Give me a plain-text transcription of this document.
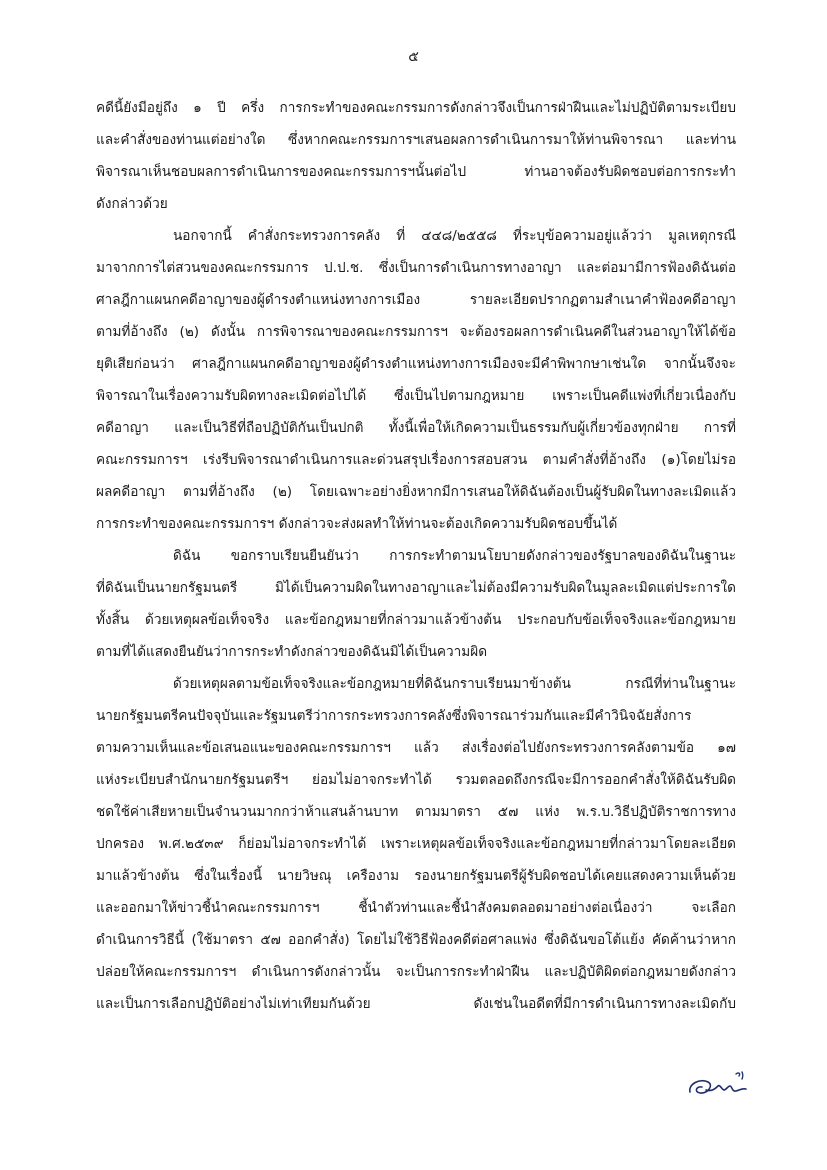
๕
คดีนี้ยังมีอยู่ถึง ๑ ปี ครึ่ง การกระทำของคณะกรรมการดังกล่าวจึงเป็นการฝ่าฝืนและไม่ปฏิบัติตามระเบียบ
และคำสั่งของท่านแต่อย่างใด ซึ่งหากคณะกรรมการฯเสนอผลการดำเนินการมาให้ท่านพิจารณา และท่าน
พิจารณาเห็นชอบผลการดำเนินการของคณะกรรมการฯนั้นต่อไป ท่านอาจต้องรับผิดชอบต่อการกระทำ
ดังกล่าวด้วย
นอกจากนี้ คำสั่งกระทรวงการคลัง ที่ ๔๔๘/๒๕๕๘ ที่ระบุข้อความอยู่แล้วว่า มูลเหตุกรณี
มาจากการไต่สวนของคณะกรรมการ ป.ป.ช. ซึ่งเป็นการดำเนินการทางอาญา และต่อมามีการฟ้องดิฉันต่อ
ศาลฎีกาแผนกคดีอาญาของผู้ดำรงตำแหน่งทางการเมือง รายละเอียดปรากฏตามสำเนาคำฟ้องคดีอาญา
ตามที่อ้างถึง (๒) ดังนั้น การพิจารณาของคณะกรรมการฯ จะต้องรอผลการดำเนินคดีในส่วนอาญาให้ได้ข้อ
ยุติเสียก่อนว่า ศาลฎีกาแผนกคดีอาญาของผู้ดำรงตำแหน่งทางการเมืองจะมีคำพิพากษาเช่นใด จากนั้นจึงจะ
พิจารณาในเรื่องความรับผิดทางละเมิดต่อไปได้ ซึ่งเป็นไปตามกฎหมาย เพราะเป็นคดีแพ่งที่เกี่ยวเนื่องกับ
คดีอาญา และเป็นวิธีที่ถือปฏิบัติกันเป็นปกติ ทั้งนี้เพื่อให้เกิดความเป็นธรรมกับผู้เกี่ยวข้องทุกฝ่าย การที่
คณะกรรมการฯ เร่งรีบพิจารณาดำเนินการและด่วนสรุปเรื่องการสอบสวน ตามคำสั่งที่อ้างถึง (๑)โดยไม่รอ
ผลคดีอาญา ตามที่อ้างถึง (๒) โดยเฉพาะอย่างยิ่งหากมีการเสนอให้ดิฉันต้องเป็นผู้รับผิดในทางละเมิดแล้ว
การกระทำของคณะกรรมการฯ ดังกล่าวจะส่งผลทำให้ท่านจะต้องเกิดความรับผิดชอบขึ้นได้
ดิฉัน ขอกราบเรียนยืนยันว่า การกระทำตามนโยบายดังกล่าวของรัฐบาลของดิฉันในฐานะ
ที่ดิฉันเป็นนายกรัฐมนตรี มิได้เป็นความผิดในทางอาญาและไม่ต้องมีความรับผิดในมูลละเมิดแต่ประการใด
ทั้งสิ้น ด้วยเหตุผลข้อเท็จจริง และข้อกฎหมายที่กล่าวมาแล้วข้างต้น ประกอบกับข้อเท็จจริงและข้อกฎหมาย
ตามที่ได้แสดงยืนยันว่าการกระทำดังกล่าวของดิฉันมิได้เป็นความผิด
ด้วยเหตุผลตามข้อเท็จจริงและข้อกฎหมายที่ดิฉันกราบเรียนมาข้างต้น กรณีที่ท่านในฐานะ
นายกรัฐมนตรีคนปัจจุบันและรัฐมนตรีว่าการกระทรวงการคลังซึ่งพิจารณาร่วมกันและมีคำวินิจฉัยสั่งการ
ตามความเห็นและข้อเสนอแนะของคณะกรรมการฯ แล้ว ส่งเรื่องต่อไปยังกระทรวงการคลังตามข้อ ๑๗
แห่งระเบียบสำนักนายกรัฐมนตรีฯ ย่อมไม่อาจกระทำได้ รวมตลอดถึงกรณีจะมีการออกคำสั่งให้ดิฉันรับผิด
ชดใช้ค่าเสียหายเป็นจำนวนมากกว่าห้าแสนล้านบาท ตามมาตรา ๕๗ แห่ง พ.ร.บ.วิธีปฏิบัติราชการทาง
ปกครอง พ.ศ.๒๕๓๙ ก็ย่อมไม่อาจกระทำได้ เพราะเหตุผลข้อเท็จจริงและข้อกฎหมายที่กล่าวมาโดยละเอียด
มาแล้วข้างต้น ซึ่งในเรื่องนี้ นายวิษณุ เครืองาม รองนายกรัฐมนตรีผู้รับผิดชอบได้เคยแสดงความเห็นด้วย
และออกมาให้ข่าวชี้นำคณะกรรมการฯ ชี้นำตัวท่านและชี้นำสังคมตลอดมาอย่างต่อเนื่องว่า จะเลือก
ดำเนินการวิธีนี้ (ใช้มาตรา ๕๗ ออกคำสั่ง) โดยไม่ใช้วิธีฟ้องคดีต่อศาลแพ่ง ซึ่งดิฉันขอโต้แย้ง คัดค้านว่าหาก
ปล่อยให้คณะกรรมการฯ ดำเนินการดังกล่าวนั้น จะเป็นการกระทำฝ่าฝืน และปฏิบัติผิดต่อกฎหมายดังกล่าว
และเป็นการเลือกปฏิบัติอย่างไม่เท่าเทียมกันด้วย ดังเช่นในอดีตที่มีการดำเนินการทางละเมิดกับ
